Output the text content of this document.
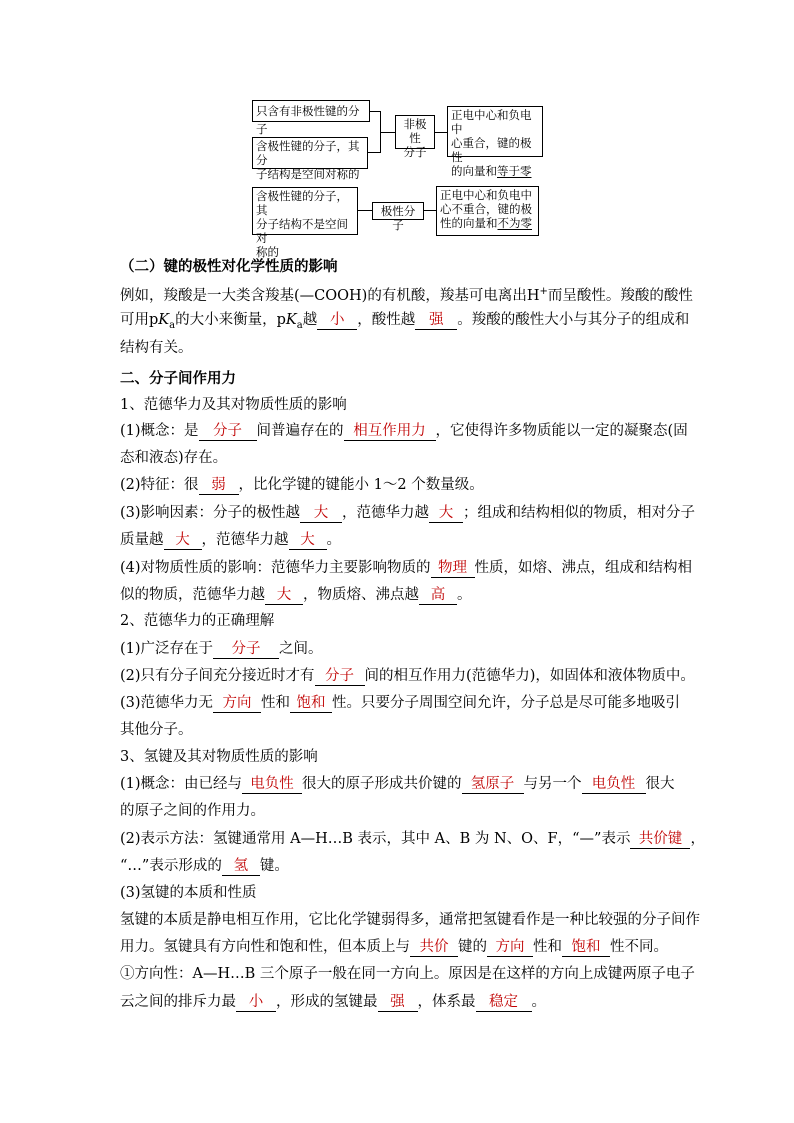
只含有非极性键的分子
含极性键的分子，其分
子结构是空间对称的
非极性
分子
正电中心和负电中
心重合，键的极性
的向量和等于零
含极性键的分子，其
分子结构不是空间对
称的
极性分子
正电中心和负电中
心不重合，键的极
性的向量和不为零
（二）键的极性对化学性质的影响
例如，羧酸是一大类含羧基(—COOH)的有机酸，羧基可电离出H+而呈酸性。羧酸的酸性
可用$pK_a$的大小来衡量，$pK_a$越 小 ，酸性越 强 。羧酸的酸性大小与其分子的组成和
结构有关。
二、分子间作用力
1、范德华力及其对物质性质的影响
(1)概念：是 分子 间普遍存在的 相互作用力 ，它使得许多物质能以一定的凝聚态(固
态和液态)存在。
(2)特征：很 弱 ，比化学键的键能小 1～2 个数量级。
(3)影响因素：分子的极性越 大 ，范德华力越 大 ；组成和结构相似的物质，相对分子
质量越 大 ，范德华力越 大 。
(4)对物质性质的影响：范德华力主要影响物质的 物理 性质，如熔、沸点，组成和结构相
似的物质，范德华力越 大 ，物质熔、沸点越 高 。
2、范德华力的正确理解
(1)广泛存在于 分子 之间。
(2)只有分子间充分接近时才有 分子 间的相互作用力(范德华力)，如固体和液体物质中。
(3)范德华力无 方向 性和 饱和 性。只要分子周围空间允许，分子总是尽可能多地吸引
其他分子。
3、氢键及其对物质性质的影响
(1)概念：由已经与 电负性 很大的原子形成共价键的 氢原子 与另一个 电负性 很大
的原子之间的作用力。
(2)表示方法：氢键通常用 A—H…B 表示，其中 A、B 为 N、O、F，“—”表示 共价键 ，
“…”表示形成的 氢 键。
(3)氢键的本质和性质
氢键的本质是静电相互作用，它比化学键弱得多，通常把氢键看作是一种比较强的分子间作
用力。氢键具有方向性和饱和性，但本质上与 共价 键的 方向 性和 饱和 性不同。
①方向性：A—H…B 三个原子一般在同一方向上。原因是在这样的方向上成键两原子电子
云之间的排斥力最 小 ，形成的氢键最 强 ，体系最 稳定 。
